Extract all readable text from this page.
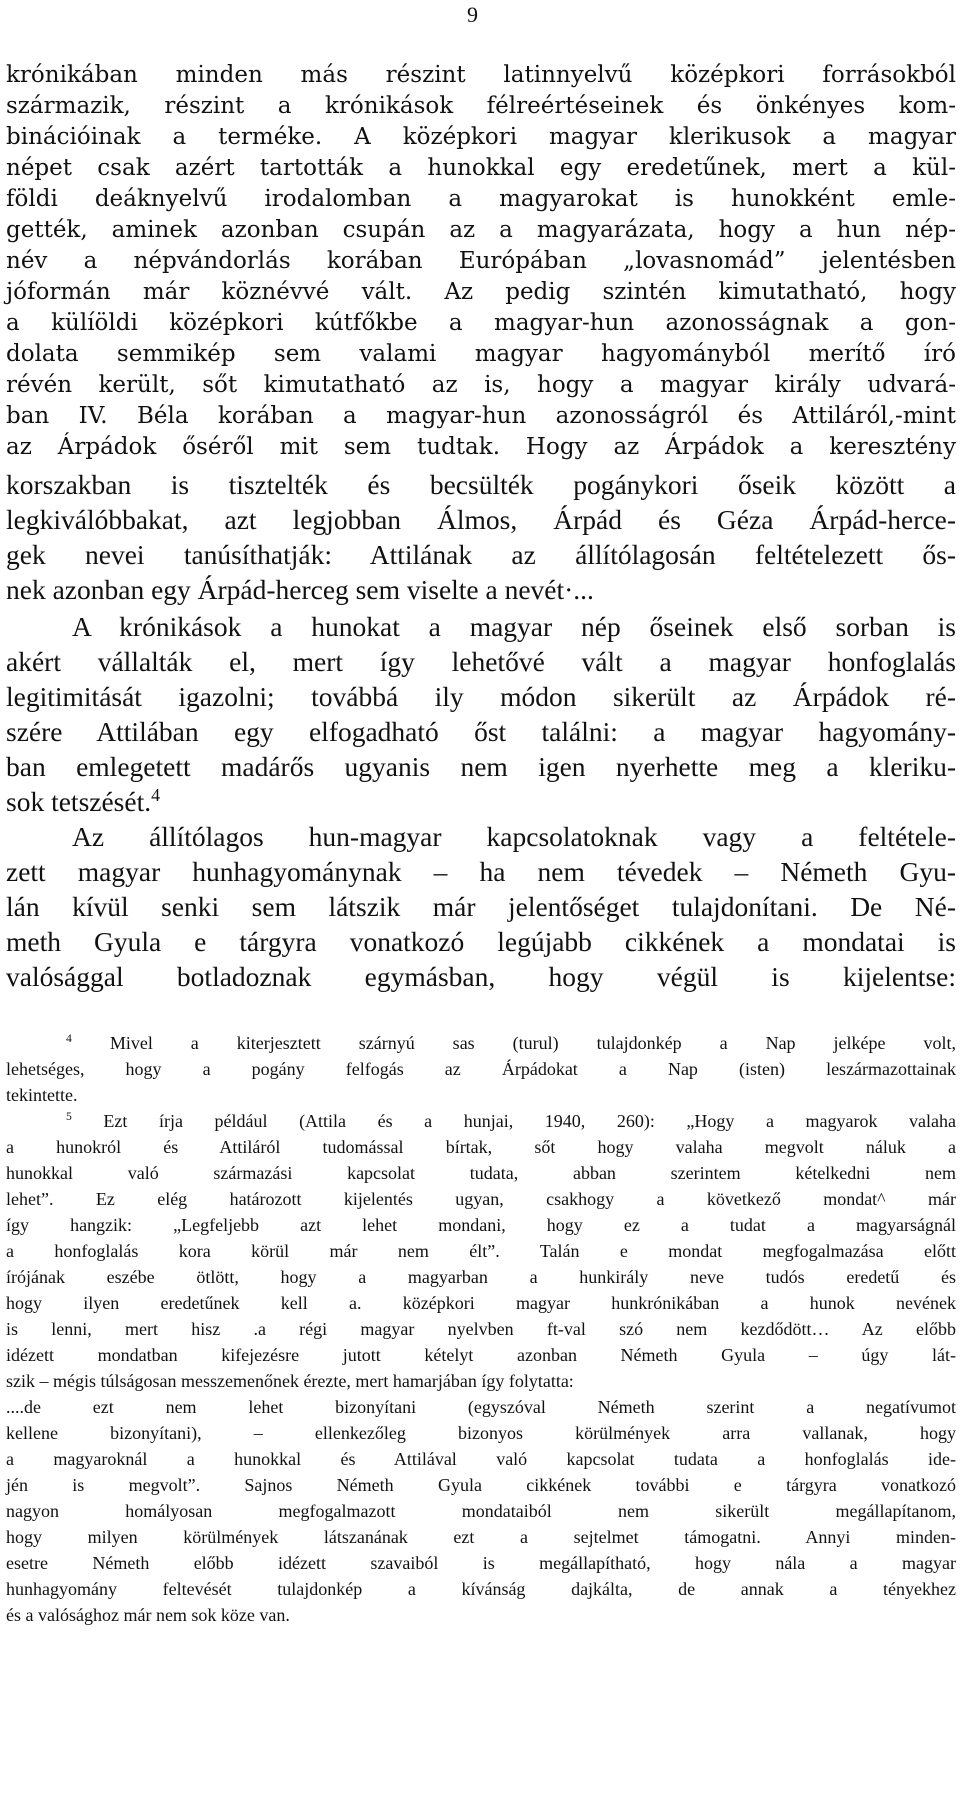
9

krónikában minden más részint latinnyelvű középkori forrásokból

származik, részint a krónikások félreértéseinek és önkényes kom-

binációinak a terméke. A középkori magyar klerikusok a magyar

népet csak azért tartották a hunokkal egy eredetűnek, mert a kül-

földi deáknyelvű irodalomban a magyarokat is hunokként emle-

gették, aminek azonban csupán az a magyarázata, hogy a hun nép-

név a népvándorlás korában Európában „lovasnomád” jelentésben

jóformán már köznévvé vált. Az pedig szintén kimutatható, hogy

a külíöldi középkori kútfőkbe a magyar-hun azonosságnak a gon-

dolata semmikép sem valami magyar hagyományból merítő író

révén került, sőt kimutatható az is, hogy a magyar király udvará-

ban IV. Béla korában a magyar-hun azonosságról és Attiláról,-mint

az Árpádok őséről mit sem tudtak. Hogy az Árpádok a keresztény

korszakban is tisztelték és becsülték pogánykori őseik között a

legkiválóbbakat, azt legjobban Álmos, Árpád és Géza Árpád-herce-

gek nevei tanúsíthatják: Attilának az állítólagosán feltételezett ős-

nek azonban egy Árpád-herceg sem viselte a nevét·...

A krónikások a hunokat a magyar nép őseinek első sorban is

akért vállalták el, mert így lehetővé vált a magyar honfoglalás

legitimitását igazolni; továbbá ily módon sikerült az Árpádok ré-

szére Attilában egy elfogadható őst találni: a magyar hagyomány-

ban emlegetett madárős ugyanis nem igen nyerhette meg a kleriku-

sok tetszését.$^4$

Az állítólagos hun-magyar kapcsolatoknak vagy a feltétele-

zett magyar hunhagyománynak – ha nem tévedek – Németh Gyu-

lán kívül senki sem látszik már jelentőséget tulajdonítani. De Né-

meth Gyula e tárgyra vonatkozó legújabb cikkének a mondatai is

valósággal botladoznak egymásban, hogy végül is kijelentse:

$^4$ Mivel a kiterjesztett szárnyú sas (turul) tulajdonkép a Nap jelképe volt,

lehetséges, hogy a pogány felfogás az Árpádokat a Nap (isten) leszármazottainak

tekintette.

$^5$ Ezt írja például (Attila és a hunjai, 1940, 260): „Hogy a magyarok valaha

a hunokról és Attiláról tudomással bírtak, sőt hogy valaha megvolt náluk a

hunokkal való származási kapcsolat tudata, abban szerintem kételkedni nem

lehet”. Ez elég határozott kijelentés ugyan, csakhogy a következő mondat^ már

így hangzik: „Legfeljebb azt lehet mondani, hogy ez a tudat a magyarságnál

a honfoglalás kora körül már nem élt”. Talán e mondat megfogalmazása előtt

írójának eszébe ötlött, hogy a magyarban a hunkirály neve tudós eredetű és

hogy ilyen eredetűnek kell a. középkori magyar hunkrónikában a hunok nevének

is lenni, mert hisz .a régi magyar nyelvben ft-val szó nem kezdődött… Az előbb

idézett mondatban kifejezésre jutott kételyt azonban Németh Gyula – úgy lát-

szik – mégis túlságosan messzemenőnek érezte, mert hamarjában így folytatta:

....de ezt nem lehet bizonyítani (egyszóval Németh szerint a negatívumot

kellene bizonyítani), – ellenkezőleg bizonyos körülmények arra vallanak, hogy

a magyaroknál a hunokkal és Attilával való kapcsolat tudata a honfoglalás ide-

jén is megvolt”. Sajnos Németh Gyula cikkének további e tárgyra vonatkozó

nagyon homályosan megfogalmazott mondataiból nem sikerült megállapítanom,

hogy milyen körülmények látszanának ezt a sejtelmet támogatni. Annyi minden-

esetre Németh előbb idézett szavaiból is megállapítható, hogy nála a magyar

hunhagyomány feltevését tulajdonkép a kívánság dajkálta, de annak a tényekhez

és a valósághoz már nem sok köze van.
